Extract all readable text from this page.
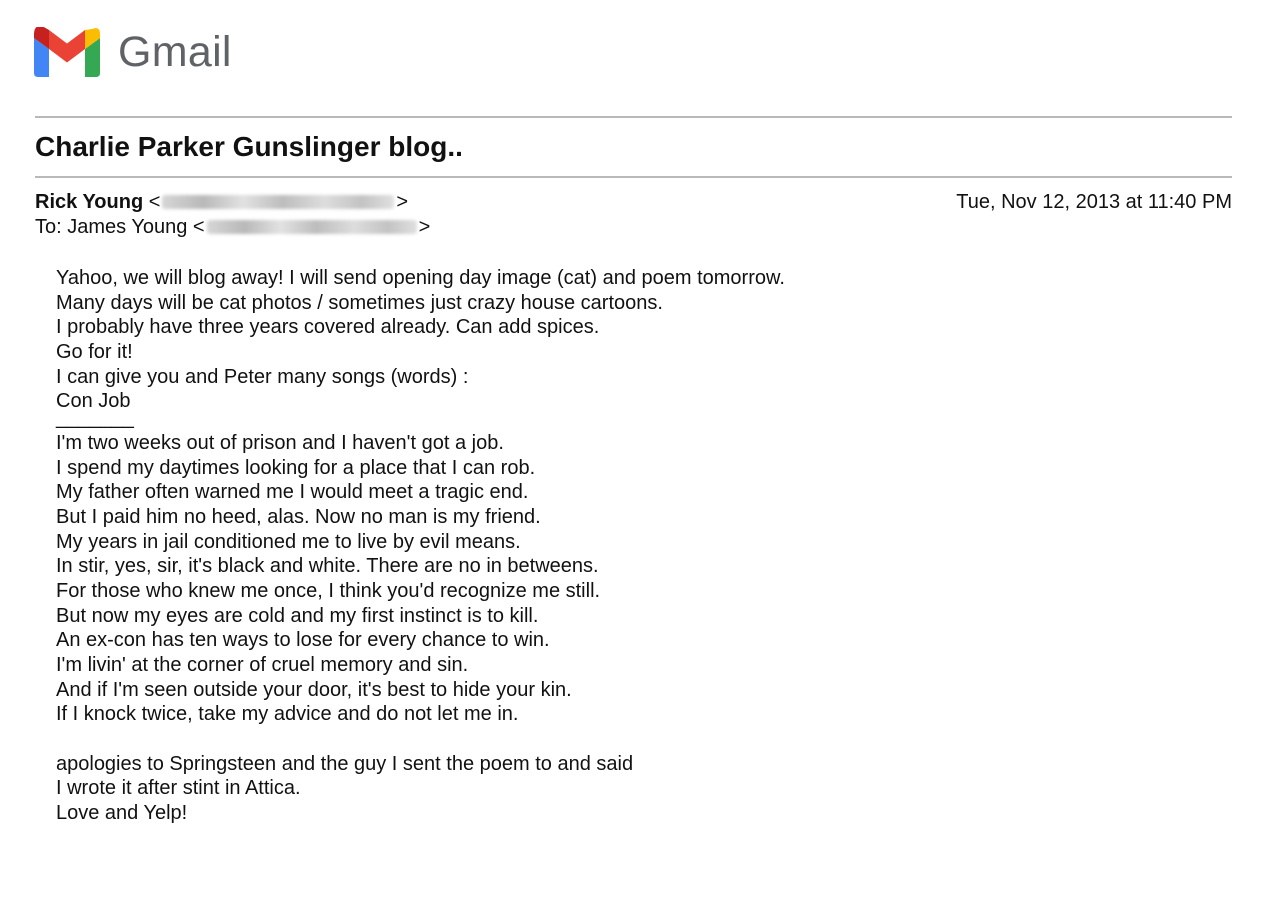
Gmail
Charlie Parker Gunslinger blog..
Rick Young <	>
To: James Young <	>
Tue, Nov 12, 2013 at 11:40 PM
Yahoo, we will blog away! I will send opening day image (cat) and poem tomorrow.
Many days will be cat photos / sometimes just crazy house cartoons.
I probably have three years covered already. Can add spices.
Go for it!
I can give you and Peter many songs (words) :
Con Job
_______
I'm two weeks out of prison and I haven't got a job.
I spend my daytimes looking for a place that I can rob.
My father often warned me I would meet a tragic end.
But I paid him no heed, alas. Now no man is my friend.
My years in jail conditioned me to live by evil means.
In stir, yes, sir, it's black and white. There are no in betweens.
For those who knew me once, I think you'd recognize me still.
But now my eyes are cold and my first instinct is to kill.
An ex-con has ten ways to lose for every chance to win.
I'm livin' at the corner of cruel memory and sin.
And if I'm seen outside your door, it's best to hide your kin.
If I knock twice, take my advice and do not let me in.
apologies to Springsteen and the guy I sent the poem to and said
I wrote it after stint in Attica.
Love and Yelp!
